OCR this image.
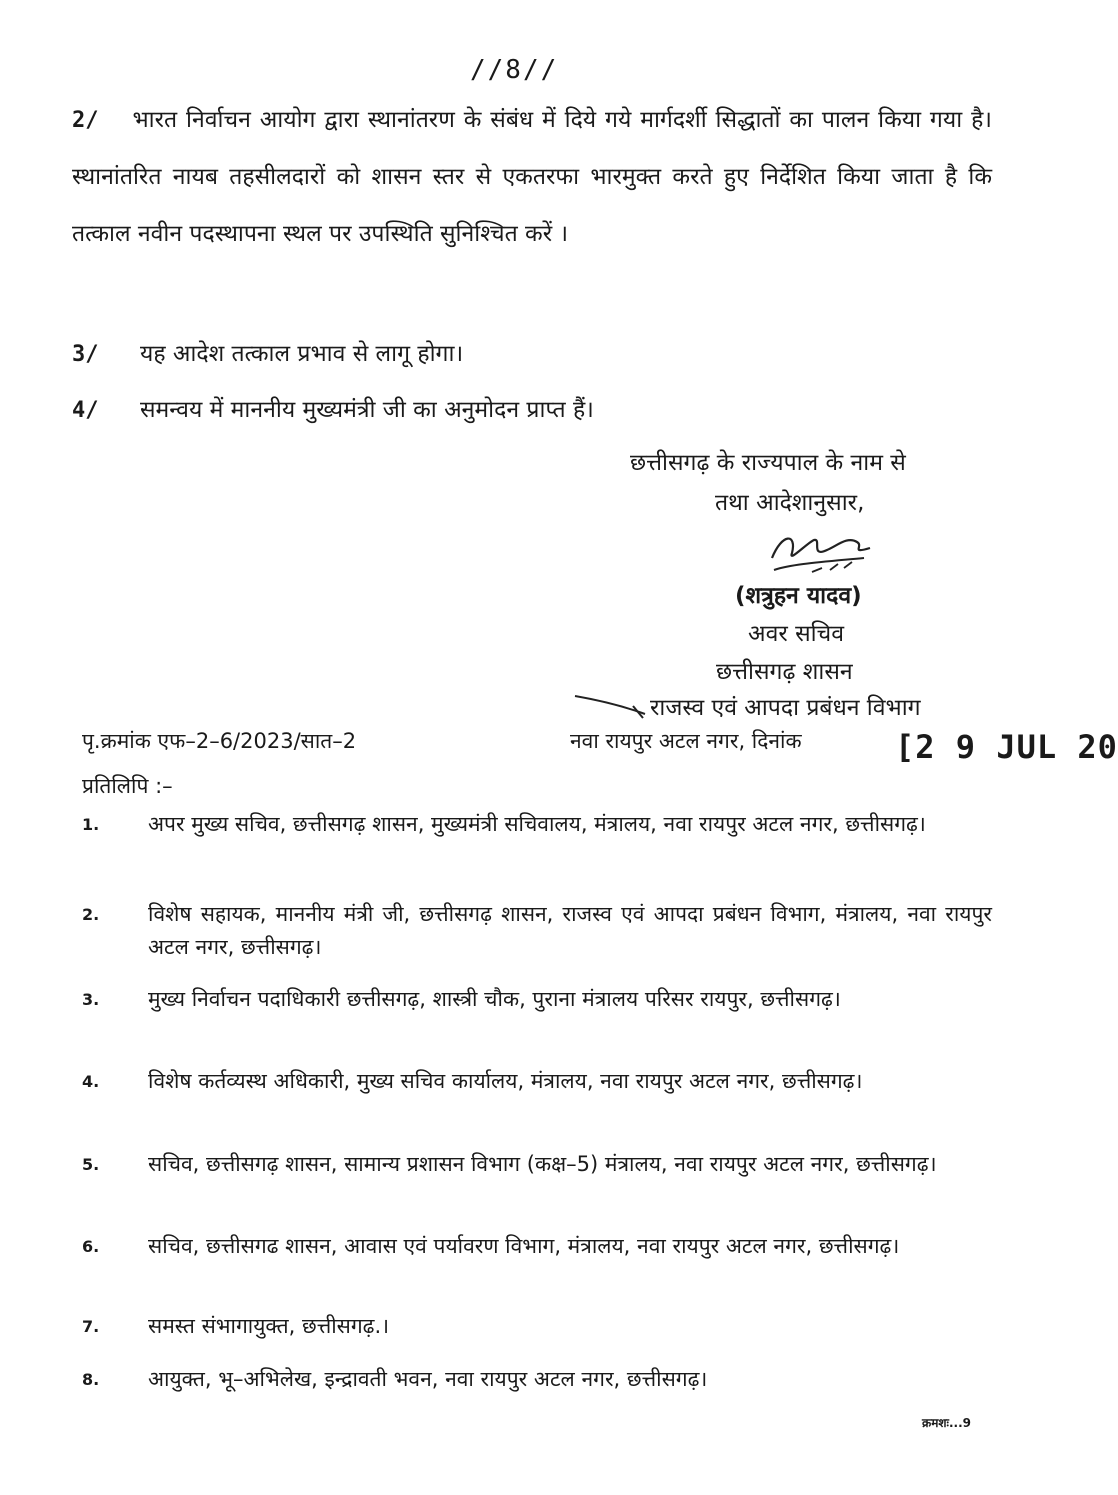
//8//
2/ भारत निर्वाचन आयोग द्वारा स्थानांतरण के संबंध में दिये गये मार्गदर्शी सिद्धातों का पालन किया गया है। स्थानांतरित नायब तहसीलदारों को शासन स्तर से एकतरफा भारमुक्त करते हुए निर्देशित किया जाता है कि तत्काल नवीन पदस्थापना स्थल पर उपस्थिति सुनिश्चित करें ।
3/ यह आदेश तत्काल प्रभाव से लागू होगा।
4/ समन्वय में माननीय मुख्यमंत्री जी का अनुमोदन प्राप्त हैं।
छत्तीसगढ़ के राज्यपाल के नाम से
तथा आदेशानुसार,
(शत्रुहन यादव)
अवर सचिव
छत्तीसगढ़ शासन
राजस्व एवं आपदा प्रबंधन विभाग
पृ.क्रमांक एफ–2–6/2023/सात–2	नवा रायपुर अटल नगर, दिनांक	[2 9 JUL 20
प्रतिलिपि :–
1. अपर मुख्य सचिव, छत्तीसगढ़ शासन, मुख्यमंत्री सचिवालय, मंत्रालय, नवा रायपुर अटल नगर, छत्तीसगढ़।
2. विशेष सहायक, माननीय मंत्री जी, छत्तीसगढ़ शासन, राजस्व एवं आपदा प्रबंधन विभाग, मंत्रालय, नवा रायपुर अटल नगर, छत्तीसगढ़।
3. मुख्य निर्वाचन पदाधिकारी छत्तीसगढ़, शास्त्री चौक, पुराना मंत्रालय परिसर रायपुर, छत्तीसगढ़।
4. विशेष कर्तव्यस्थ अधिकारी, मुख्य सचिव कार्यालय, मंत्रालय, नवा रायपुर अटल नगर, छत्तीसगढ़।
5. सचिव, छत्तीसगढ़ शासन, सामान्य प्रशासन विभाग (कक्ष–5) मंत्रालय, नवा रायपुर अटल नगर, छत्तीसगढ़।
6. सचिव, छत्तीसगढ शासन, आवास एवं पर्यावरण विभाग, मंत्रालय, नवा रायपुर अटल नगर, छत्तीसगढ़।
7. समस्त संभागायुक्त, छत्तीसगढ़.।
8. आयुक्त, भू–अभिलेख, इन्द्रावती भवन, नवा रायपुर अटल नगर, छत्तीसगढ़।
क्रमशः...9
